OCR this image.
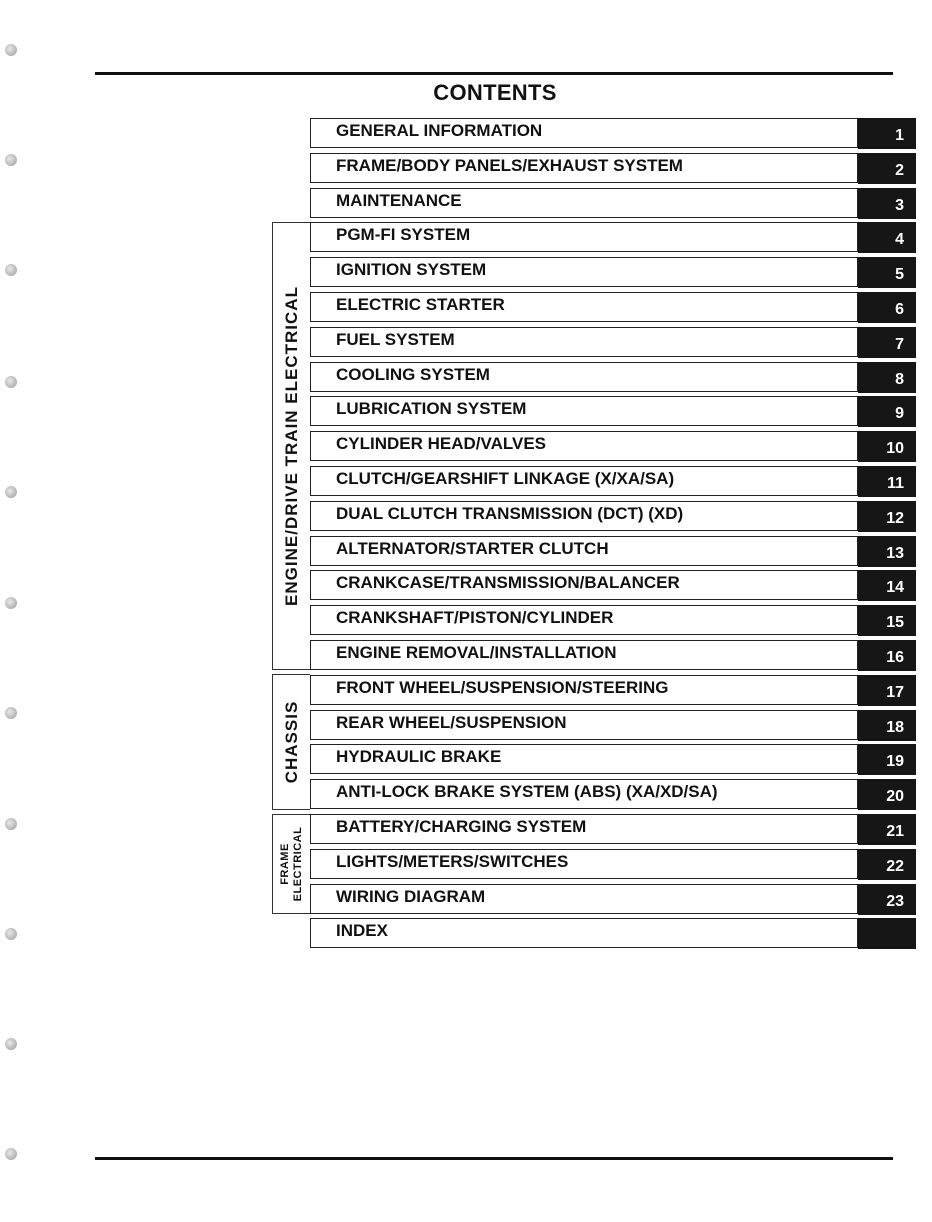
CONTENTS
ENGINE/DRIVE TRAIN ELECTRICAL
CHASSIS
FRAME ELECTRICAL
GENERAL INFORMATION	1
FRAME/BODY PANELS/EXHAUST SYSTEM	2
MAINTENANCE	3
PGM-FI SYSTEM	4
IGNITION SYSTEM	5
ELECTRIC STARTER	6
FUEL SYSTEM	7
COOLING SYSTEM	8
LUBRICATION SYSTEM	9
CYLINDER HEAD/VALVES	10
CLUTCH/GEARSHIFT LINKAGE (X/XA/SA)	11
DUAL CLUTCH TRANSMISSION (DCT) (XD)	12
ALTERNATOR/STARTER CLUTCH	13
CRANKCASE/TRANSMISSION/BALANCER	14
CRANKSHAFT/PISTON/CYLINDER	15
ENGINE REMOVAL/INSTALLATION	16
FRONT WHEEL/SUSPENSION/STEERING	17
REAR WHEEL/SUSPENSION	18
HYDRAULIC BRAKE	19
ANTI-LOCK BRAKE SYSTEM (ABS) (XA/XD/SA)	20
BATTERY/CHARGING SYSTEM	21
LIGHTS/METERS/SWITCHES	22
WIRING DIAGRAM	23
INDEX
